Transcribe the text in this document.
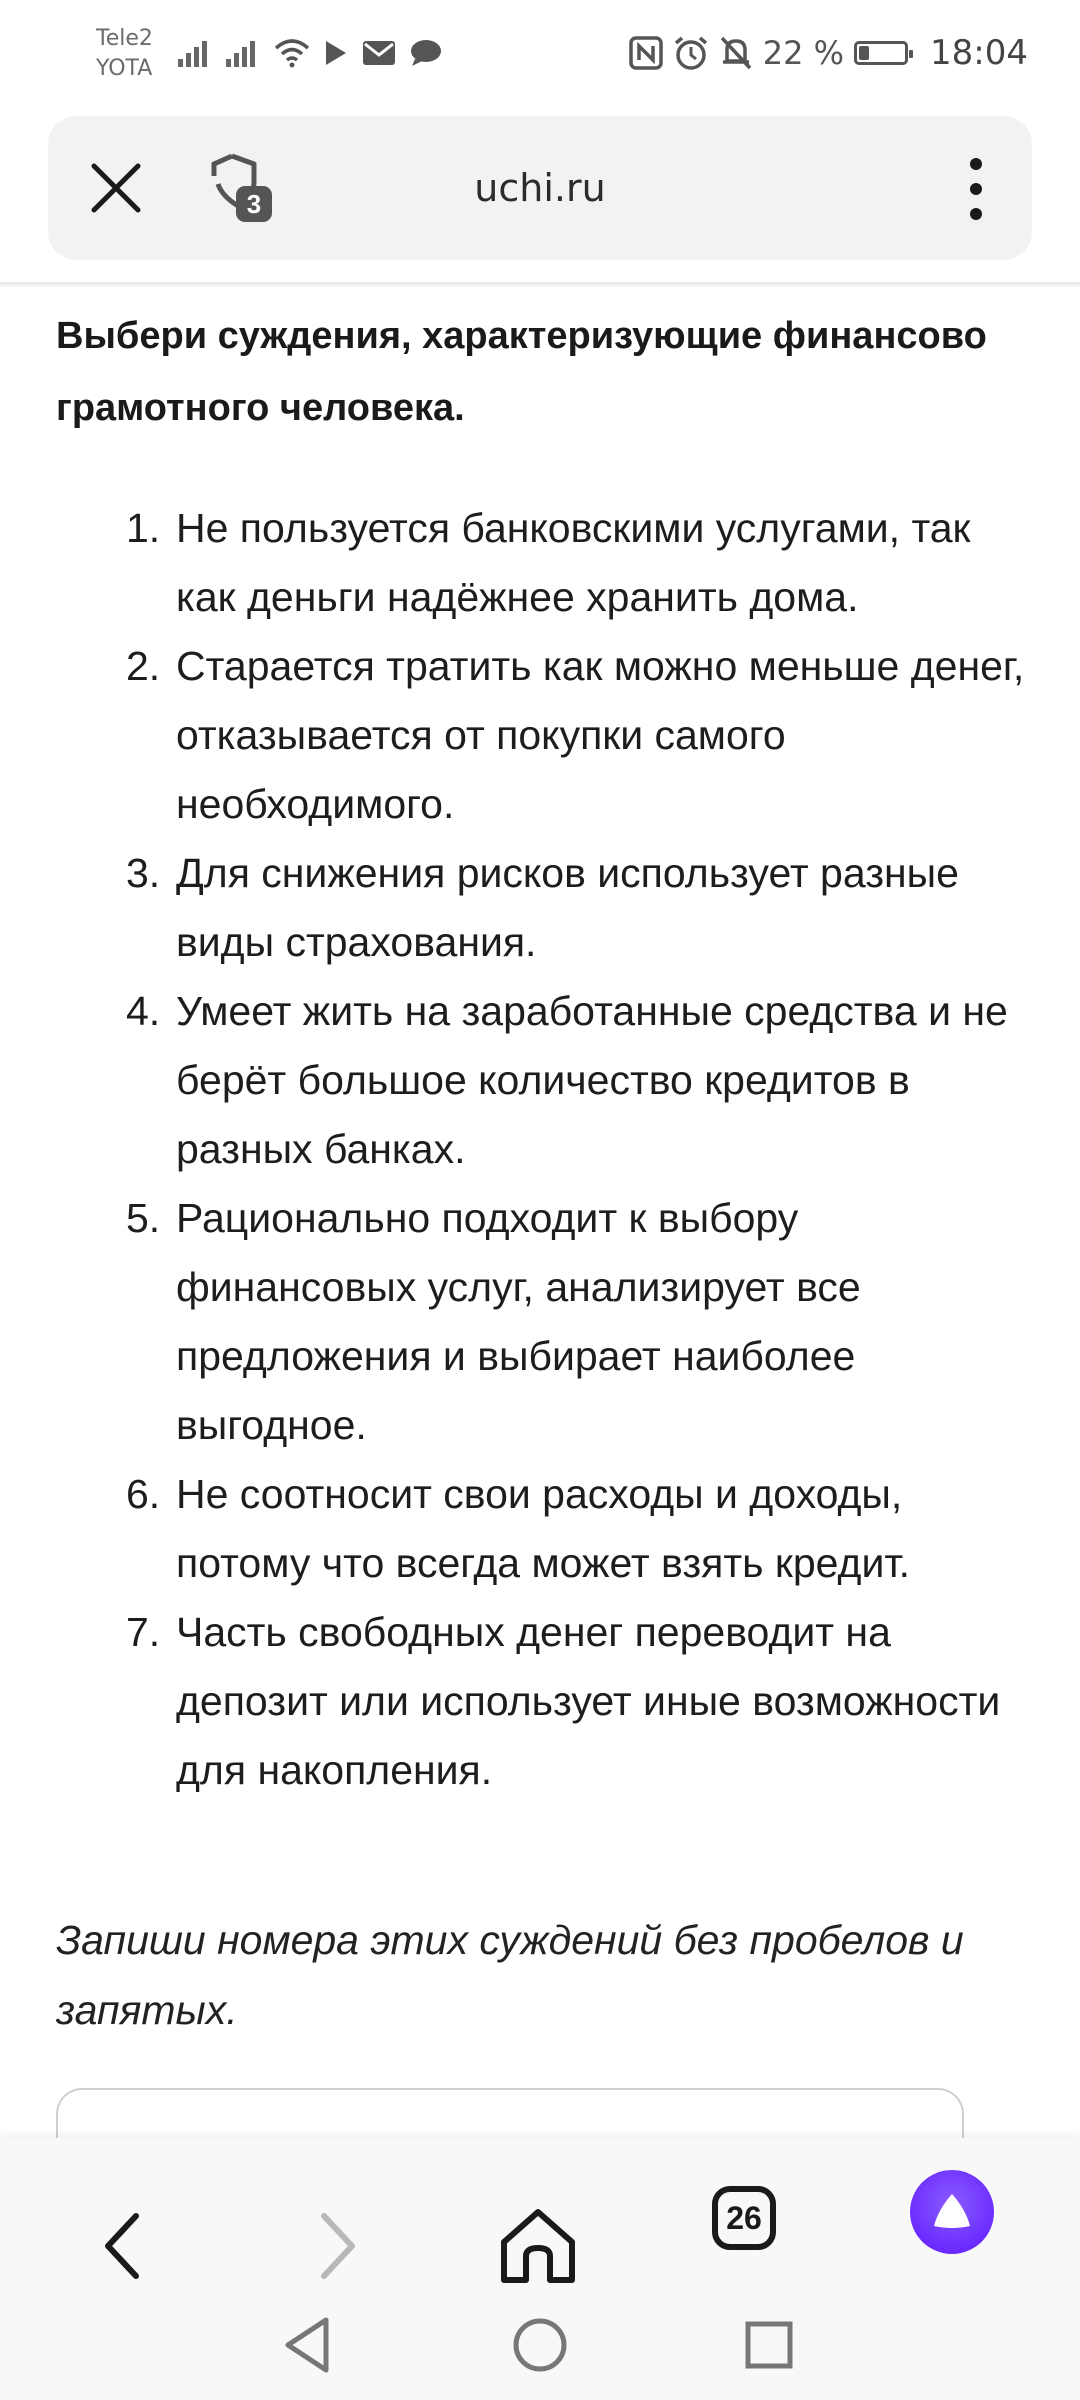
Tele2
YOTA	22 %	18:04
uchi.ru
3

Выбери суждения, характеризующие финансово грамотного человека.

1. Не пользуется банковскими услугами, так как деньги надёжнее хранить дома.
2. Старается тратить как можно меньше денег, отказывается от покупки самого необходимого.
3. Для снижения рисков использует разные виды страхования.
4. Умеет жить на заработанные средства и не берёт большое количество кредитов в разных банках.
5. Рационально подходит к выбору финансовых услуг, анализирует все предложения и выбирает наиболее выгодное.
6. Не соотносит свои расходы и доходы, потому что всегда может взять кредит.
7. Часть свободных денег переводит на депозит или использует иные возможности для накопления.

Запиши номера этих суждений без пробелов и запятых.

26
